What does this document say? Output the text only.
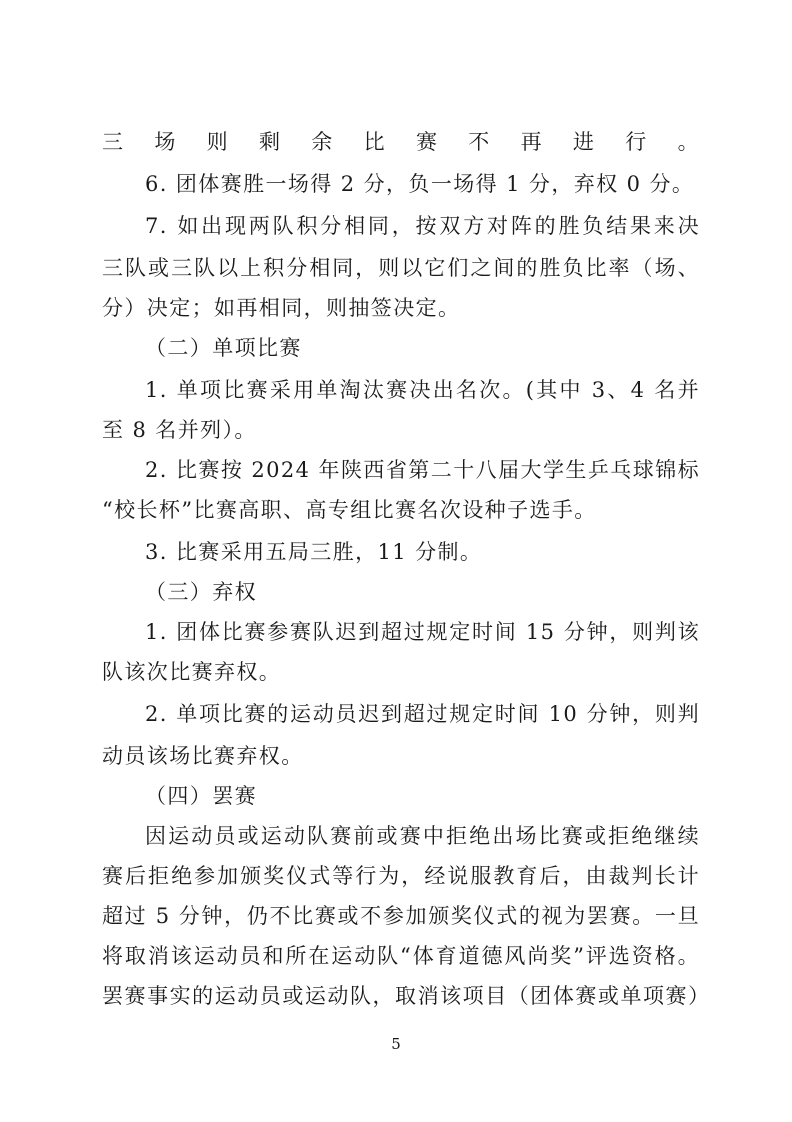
三场则剩余比赛不再进行。
6. 团体赛胜一场得 2 分，负一场得 1 分，弃权 0 分。
7. 如出现两队积分相同，按双方对阵的胜负结果来决
三队或三队以上积分相同，则以它们之间的胜负比率（场、
分）决定；如再相同，则抽签决定。
（二）单项比赛
1. 单项比赛采用单淘汰赛决出名次。(其中 3、4 名并
至 8 名并列）。
2. 比赛按 2024 年陕西省第二十八届大学生乒乓球锦标
“校长杯”比赛高职、高专组比赛名次设种子选手。
3. 比赛采用五局三胜，11 分制。
（三）弃权
1. 团体比赛参赛队迟到超过规定时间 15 分钟，则判该
队该次比赛弃权。
2. 单项比赛的运动员迟到超过规定时间 10 分钟，则判
动员该场比赛弃权。
（四）罢赛
因运动员或运动队赛前或赛中拒绝出场比赛或拒绝继续
赛后拒绝参加颁奖仪式等行为，经说服教育后，由裁判长计
超过 5 分钟，仍不比赛或不参加颁奖仪式的视为罢赛。一旦
将取消该运动员和所在运动队“体育道德风尚奖”评选资格。
罢赛事实的运动员或运动队，取消该项目（团体赛或单项赛）
5
